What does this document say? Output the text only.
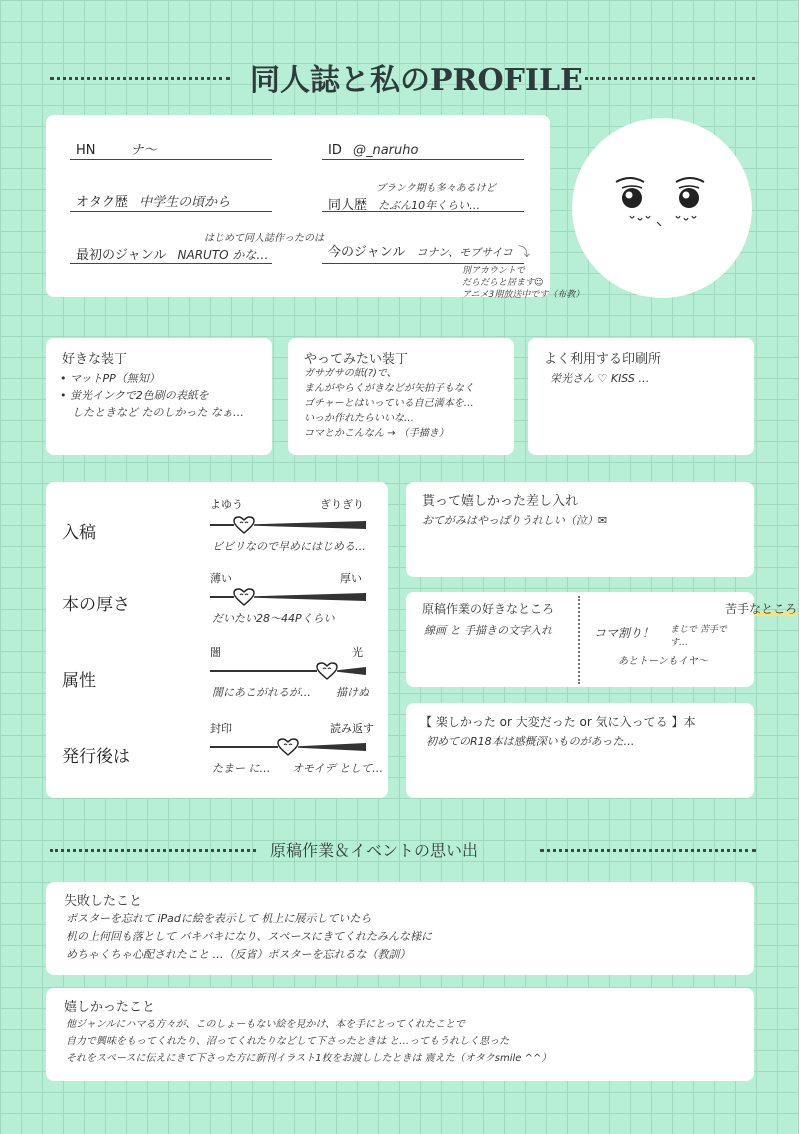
同人誌と私のPROFILE
HN	ナ〜	ID @_naruho
オタク歴 中学生の頃から
ブランク期も多々あるけど
同人歴 たぶん10年くらい…
はじめて同人誌作ったのは
最初のジャンル NARUTO かな…	今のジャンル コナン、モブサイコ ⤵
別アカウントで
だらだらと居ます☺
アニメ3期放送中です（布教）
好きな装丁
• マットPP（無知）
• 蛍光インクで2色刷の表紙を
したときなど たのしかった なぁ…
やってみたい装丁
ガサガサの紙(?)で、
まんがやらくがきなどが矢拍子もなく
ゴチャーとはいっている自己満本を…
いっか作れたらいいな…
コマとかこんなん → （手描き）
よく利用する印刷所
栄光さん ♡ KISS …
入稿
よゆう	ぎりぎり
ビビリなので早めにはじめる…
本の厚さ
薄い	厚い
だいたい28〜44Pくらい
属性
闇	光
闇にあこがれるが… 描けぬ
発行後は
封印	読み返す
たまー に… オモイデ として…
貰って嬉しかった差し入れ
おてがみはやっぱりうれしい（泣）✉
原稿作業の好きなところ
線画 と 手描きの文字入れ
苦手なところ
コマ割り！ まじで 苦手です…
あとトーンもイヤ〜
【 楽しかった or 大変だった or 気に入ってる 】本
初めてのR18本は感概深いものがあった…
原稿作業＆イベントの思い出
失敗したこと
ポスターを忘れて iPadに絵を表示して 机上に展示していたら
机の上何回も落として バキバキになり、スペースにきてくれたみんな様に
めちゃくちゃ心配されたこと …（反省）ポスターを忘れるな（教訓）
嬉しかったこと
他ジャンルにハマる方々が、このしょーもない絵を見かけ、本を手にとってくれたことで
自力で興味をもってくれたり、沼ってくれたりなどして下さったときは と…ってもうれしく思った
それをスペースに伝えにきて下さった方に新刊イラスト1枚をお渡ししたときは 震えた（オタクsmile ^^）
